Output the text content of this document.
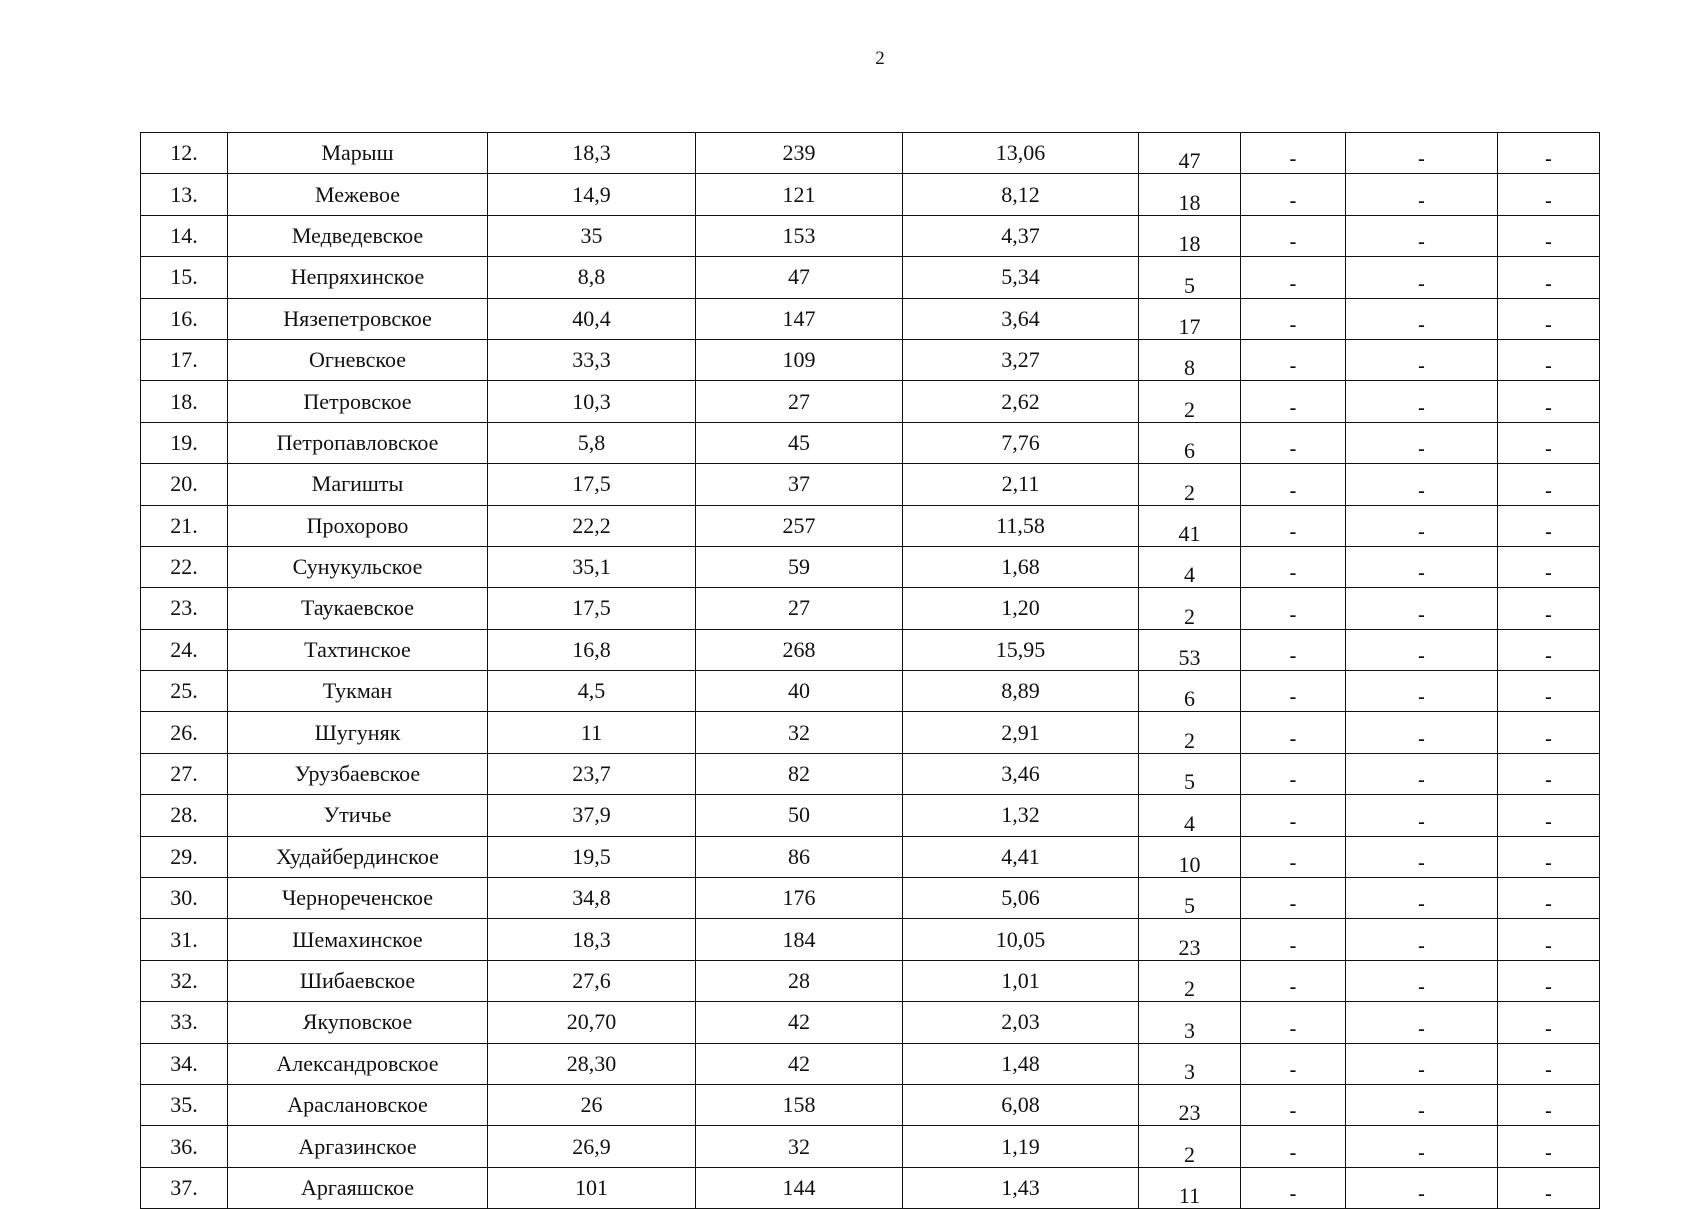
2
12.	Марыш	18,3	239	13,06	47	-	-	-
13.	Межевое	14,9	121	8,12	18	-	-	-
14.	Медведевское	35	153	4,37	18	-	-	-
15.	Непряхинское	8,8	47	5,34	5	-	-	-
16.	Нязепетровское	40,4	147	3,64	17	-	-	-
17.	Огневское	33,3	109	3,27	8	-	-	-
18.	Петровское	10,3	27	2,62	2	-	-	-
19.	Петропавловское	5,8	45	7,76	6	-	-	-
20.	Магишты	17,5	37	2,11	2	-	-	-
21.	Прохорово	22,2	257	11,58	41	-	-	-
22.	Сунукульское	35,1	59	1,68	4	-	-	-
23.	Таукаевское	17,5	27	1,20	2	-	-	-
24.	Тахтинское	16,8	268	15,95	53	-	-	-
25.	Тукман	4,5	40	8,89	6	-	-	-
26.	Шугуняк	11	32	2,91	2	-	-	-
27.	Урузбаевское	23,7	82	3,46	5	-	-	-
28.	Утичье	37,9	50	1,32	4	-	-	-
29.	Худайбердинское	19,5	86	4,41	10	-	-	-
30.	Чернореченское	34,8	176	5,06	5	-	-	-
31.	Шемахинское	18,3	184	10,05	23	-	-	-
32.	Шибаевское	27,6	28	1,01	2	-	-	-
33.	Якуповское	20,70	42	2,03	3	-	-	-
34.	Александровское	28,30	42	1,48	3	-	-	-
35.	Араслановское	26	158	6,08	23	-	-	-
36.	Аргазинское	26,9	32	1,19	2	-	-	-
37.	Аргаяшское	101	144	1,43	11	-	-	-
